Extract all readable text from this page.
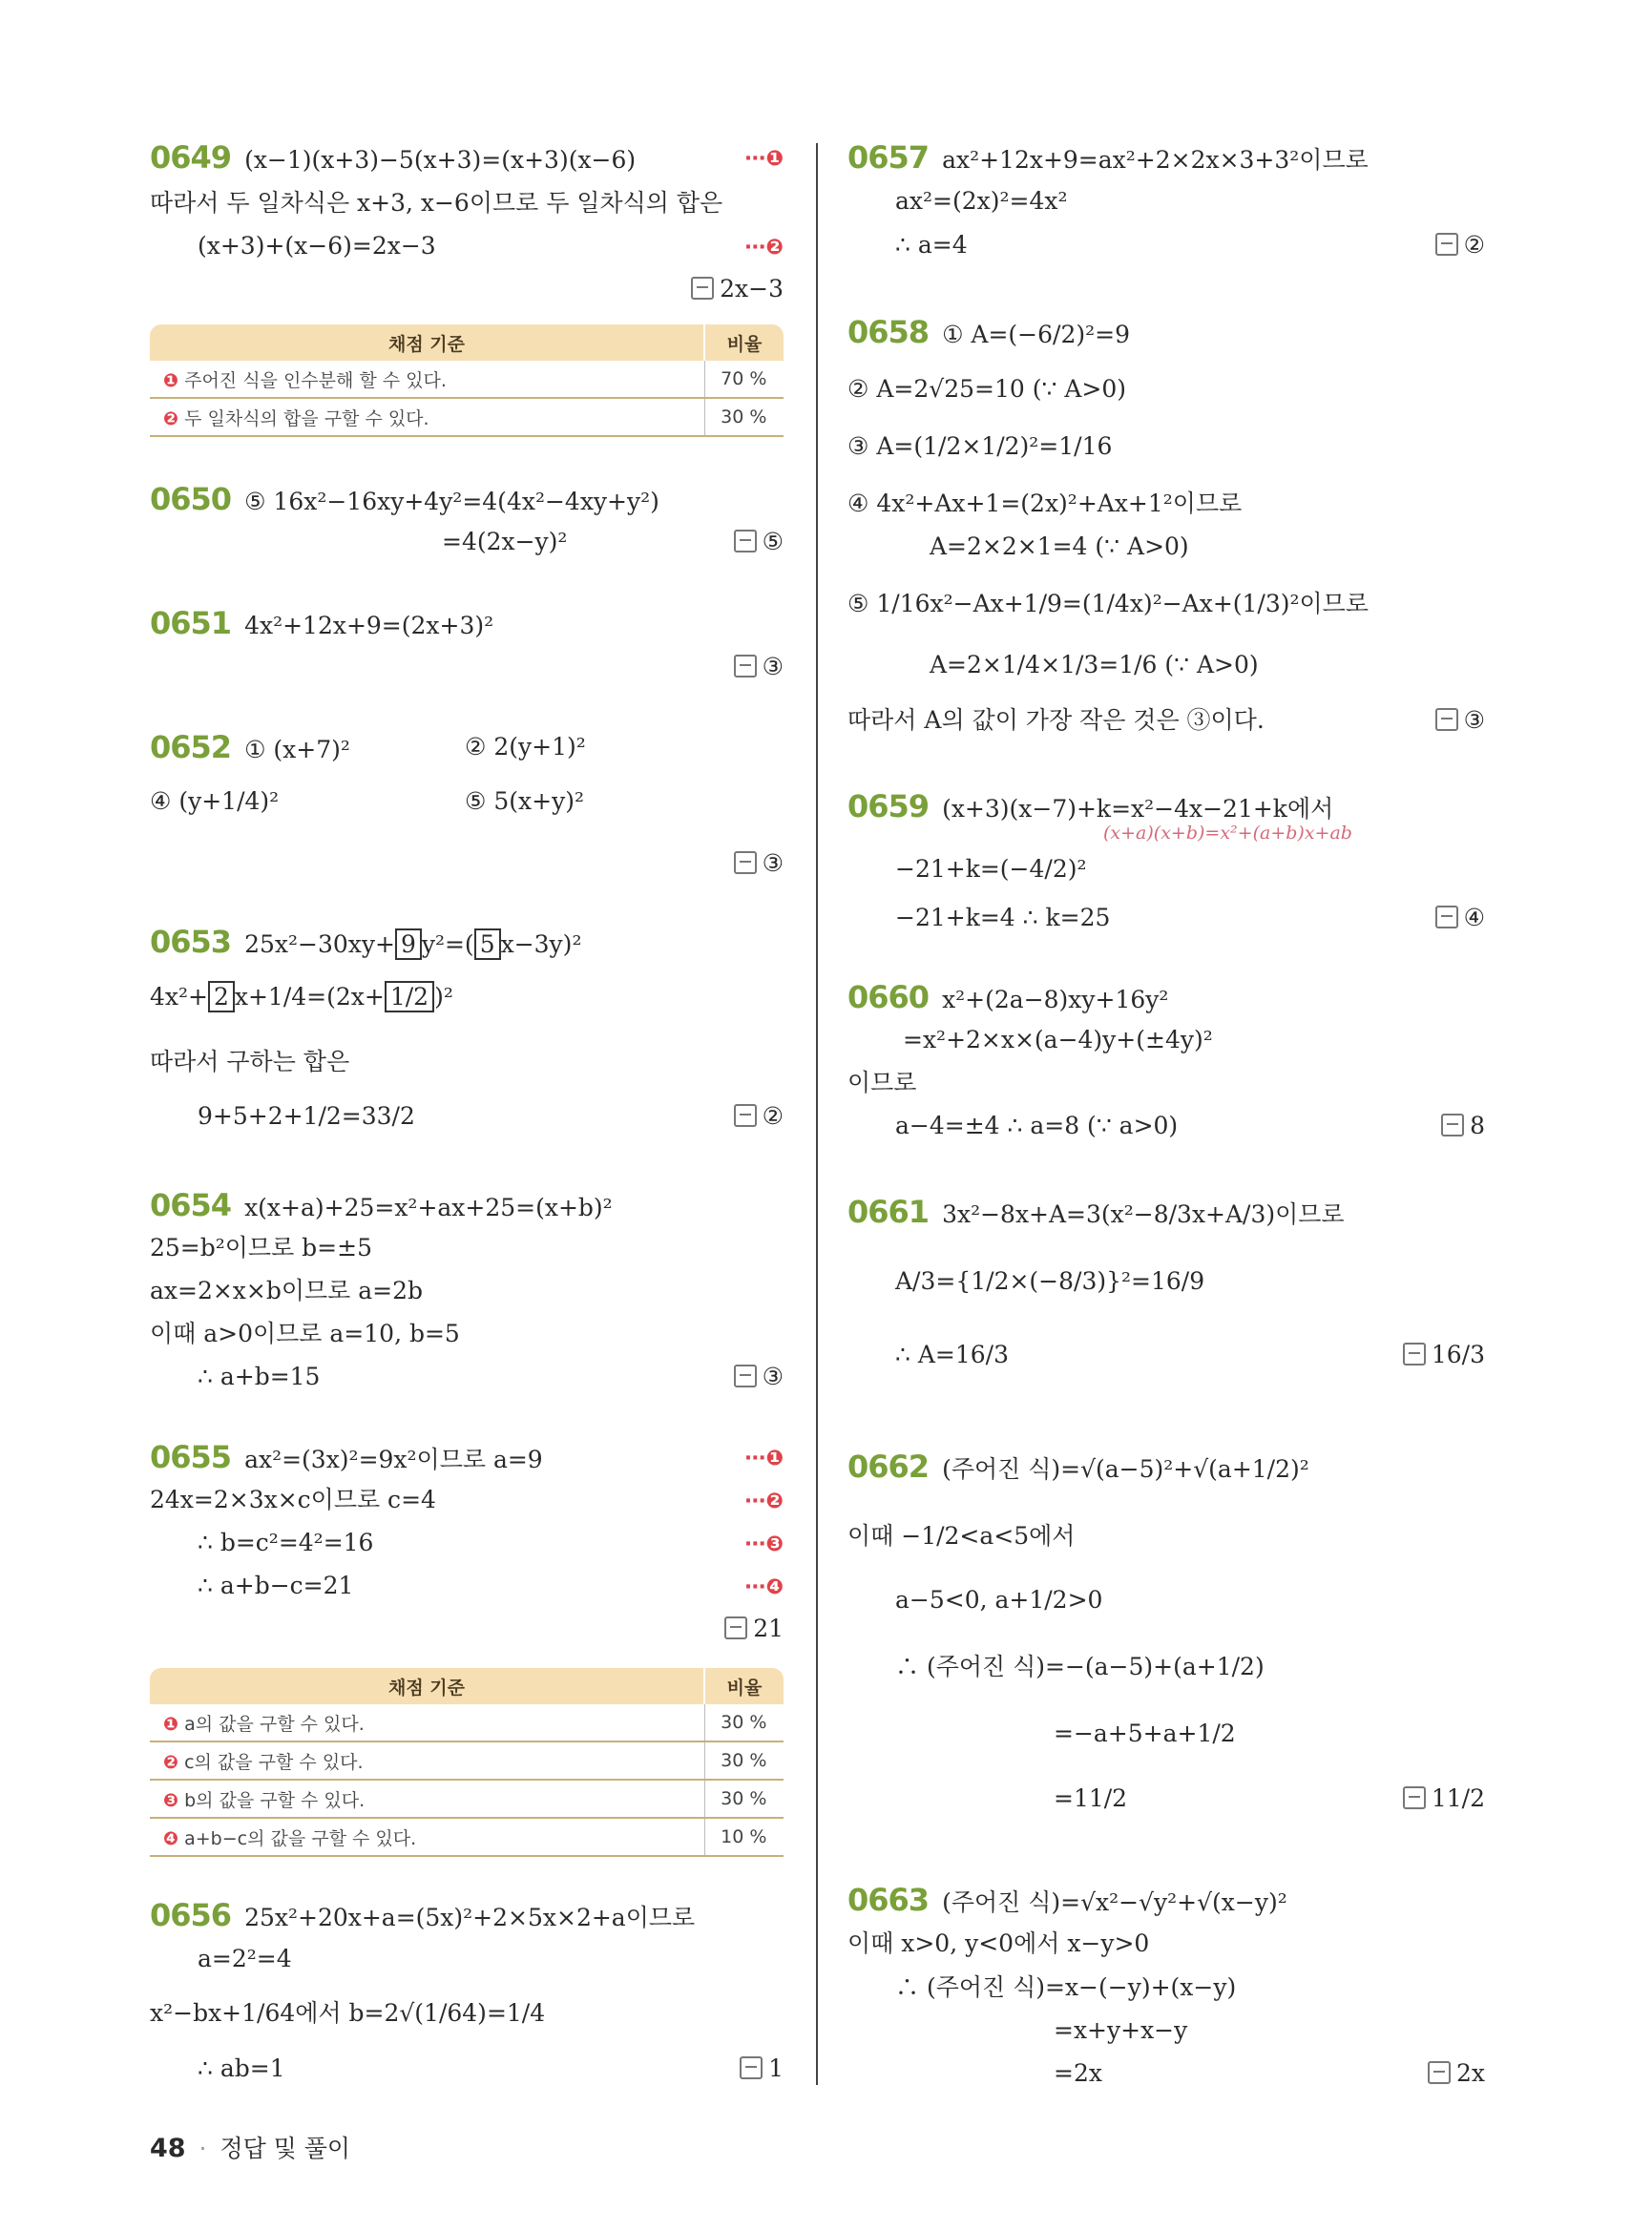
0649 (x−1)(x+3)−5(x+3)=(x+3)(x−6)	⋯❶
따라서 두 일차식은 x+3, x−6이므로 두 일차식의 합은
(x+3)+(x−6)=2x−3	⋯❷
2x−3
채점 기준	비율
❶ 주어진 식을 인수분해 할 수 있다.	70 %
❷ 두 일차식의 합을 구할 수 있다.	30 %
0650 ⑤ 16x²−16xy+4y²=4(4x²−4xy+y²)
=4(2x−y)²	⑤
0651 4x²+12x+9=(2x+3)²
③
0652 ① (x+7)²	② 2(y+1)²
④ (y+1/4)²	⑤ 5(x+y)²
③
0653 25x²−30xy+ 9 y²=( 5 x−3y)²
4x²+ 2 x+1/4=(2x+ 1/2 )²
따라서 구하는 합은
9+5+2+1/2=33/2	②
0654 x(x+a)+25=x²+ax+25=(x+b)²
25=b²이므로 b=±5
ax=2×x×b이므로 a=2b
이때 a>0이므로 a=10, b=5
∴ a+b=15	③
0655 ax²=(3x)²=9x²이므로 a=9	⋯❶
24x=2×3x×c이므로 c=4	⋯❷
∴ b=c²=4²=16	⋯❸
∴ a+b−c=21	⋯❹
21
채점 기준	비율
❶ a의 값을 구할 수 있다.	30 %
❷ c의 값을 구할 수 있다.	30 %
❸ b의 값을 구할 수 있다.	30 %
❹ a+b−c의 값을 구할 수 있다.	10 %
0656 25x²+20x+a=(5x)²+2×5x×2+a이므로
a=2²=4
x²−bx+1/64에서 b=2√(1/64)=1/4
∴ ab=1	1
0657 ax²+12x+9=ax²+2×2x×3+3²이므로
ax²=(2x)²=4x²
∴ a=4	②
0658 ① A=(−6/2)²=9
② A=2√25=10 (∵ A>0)
③ A=(1/2×1/2)²=1/16
④ 4x²+Ax+1=(2x)²+Ax+1²이므로
A=2×2×1=4 (∵ A>0)
⑤ 1/16x²−Ax+1/9=(1/4x)²−Ax+(1/3)²이므로
A=2×1/4×1/3=1/6 (∵ A>0)
따라서 A의 값이 가장 작은 것은 ③이다.	③
0659 (x+3)(x−7)+k=x²−4x−21+k에서
(x+a)(x+b)=x²+(a+b)x+ab
−21+k=(−4/2)²
−21+k=4 ∴ k=25	④
0660 x²+(2a−8)xy+16y²
=x²+2×x×(a−4)y+(±4y)²
이므로
a−4=±4 ∴ a=8 (∵ a>0)	8
0661 3x²−8x+A=3(x²−8/3x+A/3)이므로
A/3={1/2×(−8/3)}²=16/9
∴ A=16/3	16/3
0662 (주어진 식)=√(a−5)²+√(a+1/2)²
이때 −1/2<a<5에서
a−5<0, a+1/2>0
∴ (주어진 식)=−(a−5)+(a+1/2)
=−a+5+a+1/2
=11/2	11/2
0663 (주어진 식)=√x²−√y²+√(x−y)²
이때 x>0, y<0에서 x−y>0
∴ (주어진 식)=x−(−y)+(x−y)
=x+y+x−y
=2x	2x
48 · 정답 및 풀이
